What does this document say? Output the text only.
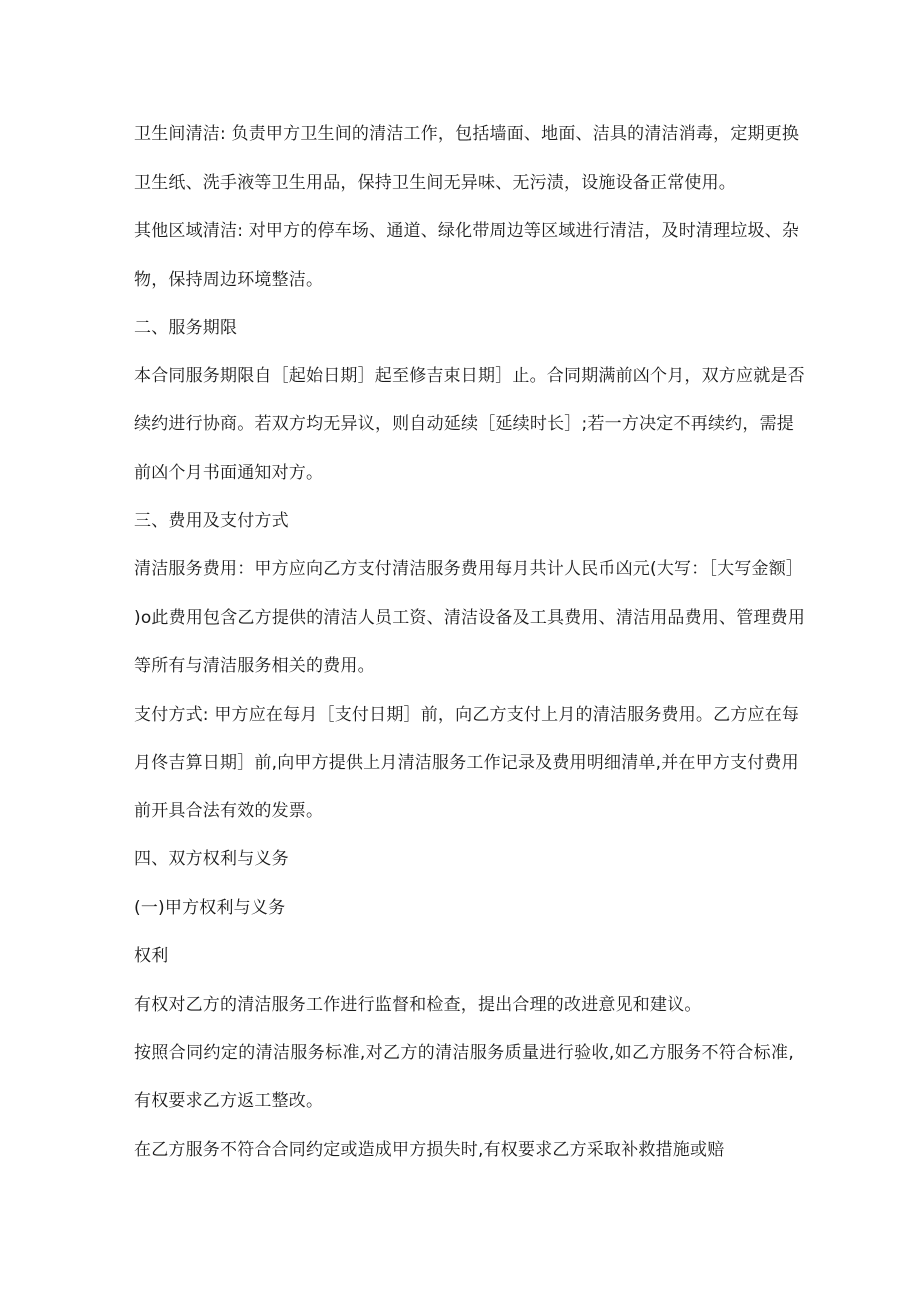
卫生间清洁: 负责甲方卫生间的清洁工作，包括墙面、地面、洁具的清洁消毒，定期更换
卫生纸、洗手液等卫生用品，保持卫生间无异味、无污渍，设施设备正常使用。
其他区域清洁: 对甲方的停车场、通道、绿化带周边等区域进行清洁，及时清理垃圾、杂
物，保持周边环境整洁。
二、服务期限
本合同服务期限自［起始日期］起至修吉束日期］止。合同期满前凶个月，双方应就是否
续约进行协商。若双方均无异议，则自动延续［延续时长］;若一方决定不再续约，需提
前凶个月书面通知对方。
三、费用及支付方式
清洁服务费用：甲方应向乙方支付清洁服务费用每月共计人民币凶元(大写：［大写金额］
)o此费用包含乙方提供的清洁人员工资、清洁设备及工具费用、清洁用品费用、管理费用
等所有与清洁服务相关的费用。
支付方式: 甲方应在每月［支付日期］前，向乙方支付上月的清洁服务费用。乙方应在每
月佟吉算日期］前,向甲方提供上月清洁服务工作记录及费用明细清单,并在甲方支付费用
前开具合法有效的发票。
四、双方权利与义务
(一)甲方权利与义务
权利
有权对乙方的清洁服务工作进行监督和检查，提出合理的改进意见和建议。
按照合同约定的清洁服务标准,对乙方的清洁服务质量进行验收,如乙方服务不符合标准,
有权要求乙方返工整改。
在乙方服务不符合合同约定或造成甲方损失时,有权要求乙方采取补救措施或赔
